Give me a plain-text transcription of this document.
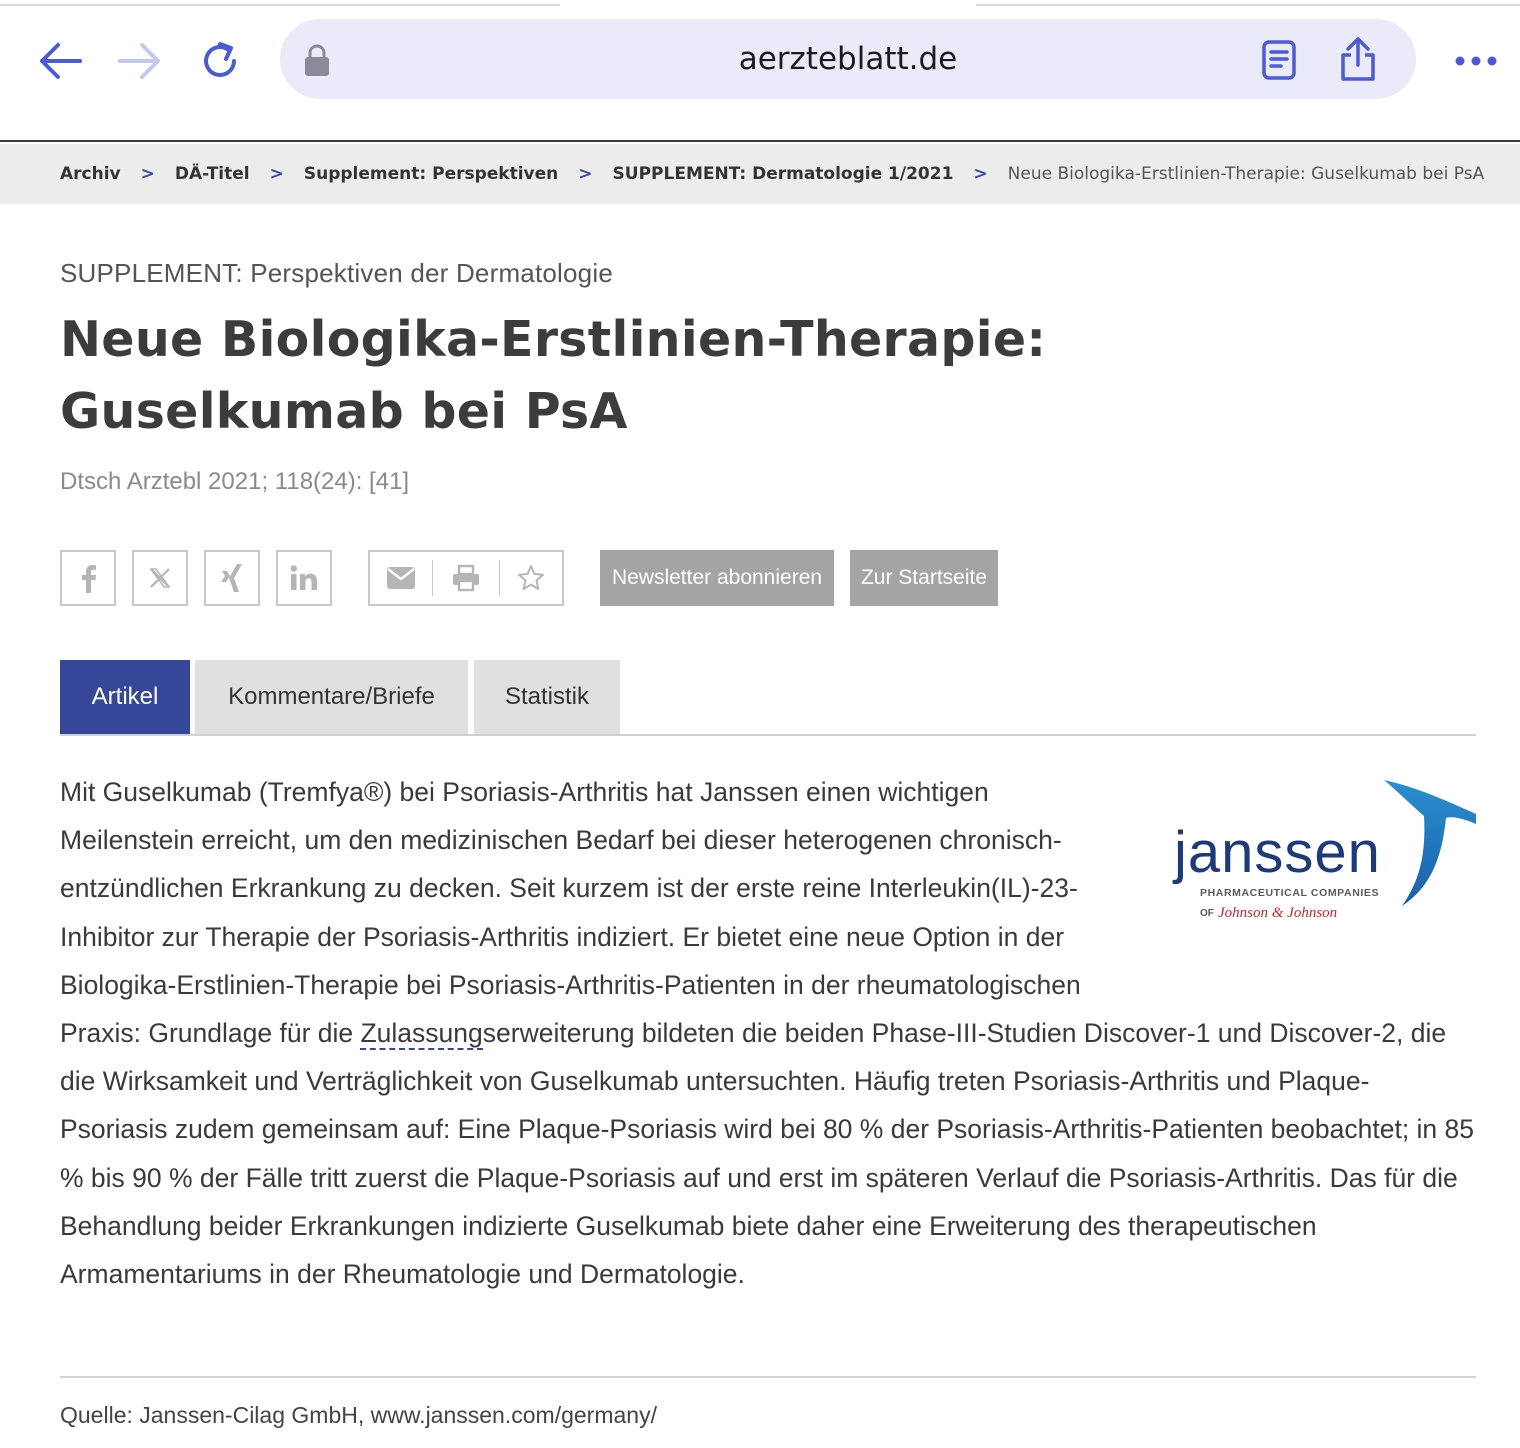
aerzteblatt.de
Archiv > DÄ-Titel > Supplement: Perspektiven > SUPPLEMENT: Dermatologie 1/2021 > Neue Biologika-Erstlinien-Therapie: Guselkumab bei PsA
SUPPLEMENT: Perspektiven der Dermatologie
Neue Biologika-Erstlinien-Therapie: Guselkumab bei PsA
Dtsch Arztebl 2021; 118(24): [41]
Newsletter abonnieren	Zur Startseite
Artikel	Kommentare/Briefe	Statistik
Mit Guselkumab (Tremfya®) bei Psoriasis-Arthritis hat Janssen einen wichtigen Meilenstein erreicht, um den medizinischen Bedarf bei dieser heterogenen chronisch-entzündlichen Erkrankung zu decken. Seit kurzem ist der erste reine Interleukin(IL)-23-Inhibitor zur Therapie der Psoriasis-Arthritis indiziert. Er bietet eine neue Option in der Biologika-Erstlinien-Therapie bei Psoriasis-Arthritis-Patienten in der rheumatologischen Praxis: Grundlage für die Zulassungserweiterung bildeten die beiden Phase-III-Studien Discover-1 und Discover-2, die die Wirksamkeit und Verträglichkeit von Guselkumab untersuchten. Häufig treten Psoriasis-Arthritis und Plaque-Psoriasis zudem gemeinsam auf: Eine Plaque-Psoriasis wird bei 80 % der Psoriasis-Arthritis-Patienten beobachtet; in 85 % bis 90 % der Fälle tritt zuerst die Plaque-Psoriasis auf und erst im späteren Verlauf die Psoriasis-Arthritis. Das für die Behandlung beider Erkrankungen indizierte Guselkumab biete daher eine Erweiterung des therapeutischen Armamentariums in der Rheumatologie und Dermatologie.
janssen
PHARMACEUTICAL COMPANIES
OF Johnson & Johnson
Quelle: Janssen-Cilag GmbH, www.janssen.com/germany/
